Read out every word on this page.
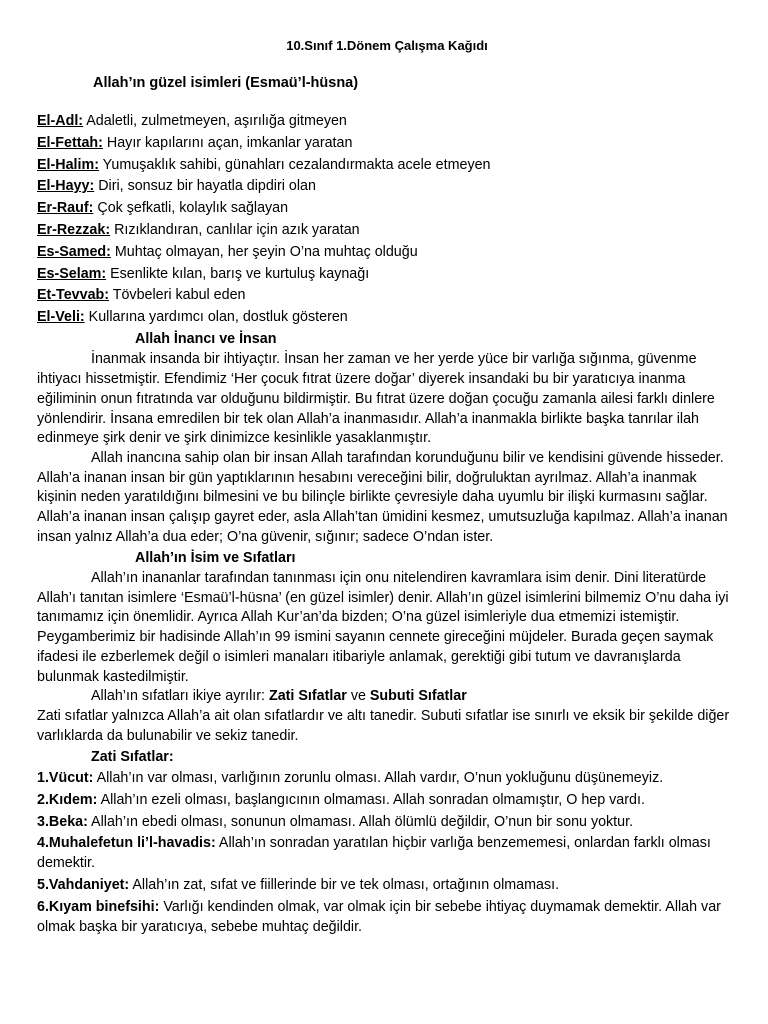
10.Sınıf 1.Dönem Çalışma Kağıdı
Allah’ın güzel isimleri (Esmaü’l-hüsna)
El-Adl: Adaletli, zulmetmeyen, aşırılığa gitmeyen
El-Fettah: Hayır kapılarını açan, imkanlar yaratan
El-Halim: Yumuşaklık sahibi, günahları cezalandırmakta acele etmeyen
El-Hayy: Diri, sonsuz bir hayatla dipdiri olan
Er-Rauf: Çok şefkatli, kolaylık sağlayan
Er-Rezzak: Rızıklandıran, canlılar için azık yaratan
Es-Samed: Muhtaç olmayan, her şeyin O’na muhtaç olduğu
Es-Selam: Esenlikte kılan, barış ve kurtuluş kaynağı
Et-Tevvab: Tövbeleri kabul eden
El-Veli: Kullarına yardımcı olan, dostluk gösteren
Allah İnancı ve İnsan

İnanmak insanda bir ihtiyaçtır. İnsan her zaman ve her yerde yüce bir varlığa sığınma, güvenme ihtiyacı hissetmiştir. Efendimiz ‘Her çocuk fıtrat üzere doğar’ diyerek insandaki bu bir yaratıcıya inanma eğiliminin onun fıtratında var olduğunu bildirmiştir. Bu fıtrat üzere doğan çocuğu zamanla ailesi farklı dinlere yönlendirir. İnsana emredilen bir tek olan Allah’a inanmasıdır. Allah’a inanmakla birlikte başka tanrılar ilah edinmeye şirk denir ve şirk dinimizce kesinlikle yasaklanmıştır.

Allah inancına sahip olan bir insan Allah tarafından korunduğunu bilir ve kendisini güvende hisseder. Allah’a inanan insan bir gün yaptıklarının hesabını vereceğini bilir, doğruluktan ayrılmaz. Allah’a inanmak kişinin neden yaratıldığını bilmesini ve bu bilinçle birlikte çevresiyle daha uyumlu bir ilişki kurmasını sağlar. Allah’a inanan insan çalışıp gayret eder, asla Allah’tan ümidini kesmez, umutsuzluğa kapılmaz. Allah’a inanan insan yalnız Allah’a dua eder; O’na güvenir, sığınır; sadece O’ndan ister.

Allah’ın İsim ve Sıfatları

Allah’ın inananlar tarafından tanınması için onu nitelendiren kavramlara isim denir. Dini literatürde Allah’ı tanıtan isimlere ‘Esmaü’l-hüsna’ (en güzel isimler) denir. Allah’ın güzel isimlerini bilmemiz O’nu daha iyi tanımamız için önemlidir. Ayrıca Allah Kur’an’da bizden; O’na güzel isimleriyle dua etmemizi istemiştir. Peygamberimiz bir hadisinde Allah’ın 99 ismini sayanın cennete gireceğini müjdeler. Burada geçen saymak ifadesi ile ezberlemek değil o isimleri manaları itibariyle anlamak, gerektiği gibi tutum ve davranışlarda bulunmak kastedilmiştir.

Allah’ın sıfatları ikiye ayrılır: Zati Sıfatlar ve Subuti Sıfatlar

Zati sıfatlar yalnızca Allah’a ait olan sıfatlardır ve altı tanedir. Subuti sıfatlar ise sınırlı ve eksik bir şekilde diğer varlıklarda da bulunabilir ve sekiz tanedir.

Zati Sıfatlar:

1.Vücut: Allah’ın var olması, varlığının zorunlu olması. Allah vardır, O’nun yokluğunu düşünemeyiz.

2.Kıdem: Allah’ın ezeli olması, başlangıcının olmaması. Allah sonradan olmamıştır, O hep vardı.

3.Beka: Allah’ın ebedi olması, sonunun olmaması. Allah ölümlü değildir, O’nun bir sonu yoktur.

4.Muhalefetun li’l-havadis: Allah’ın sonradan yaratılan hiçbir varlığa benzememesi, onlardan farklı olması demektir.

5.Vahdaniyet: Allah’ın zat, sıfat ve fiillerinde bir ve tek olması, ortağının olmaması.

6.Kıyam binefsihi: Varlığı kendinden olmak, var olmak için bir sebebe ihtiyaç duymamak demektir. Allah var olmak başka bir yaratıcıya, sebebe muhtaç değildir.
